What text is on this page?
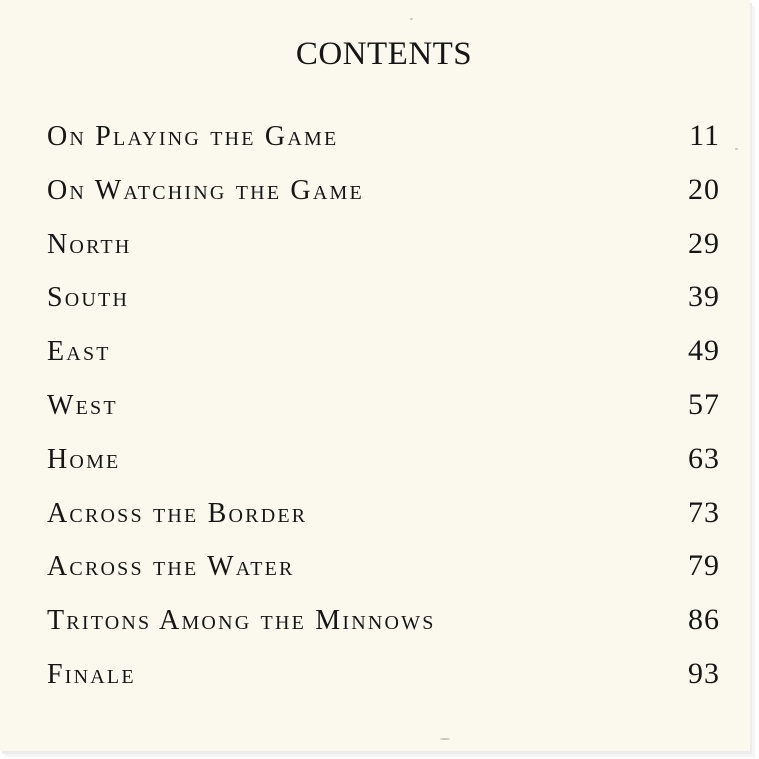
CONTENTS
On Playing the Game	11
On Watching the Game	20
North	29
South	39
East	49
West	57
Home	63
Across the Border	73
Across the Water	79
Tritons Among the Minnows	86
Finale	93
